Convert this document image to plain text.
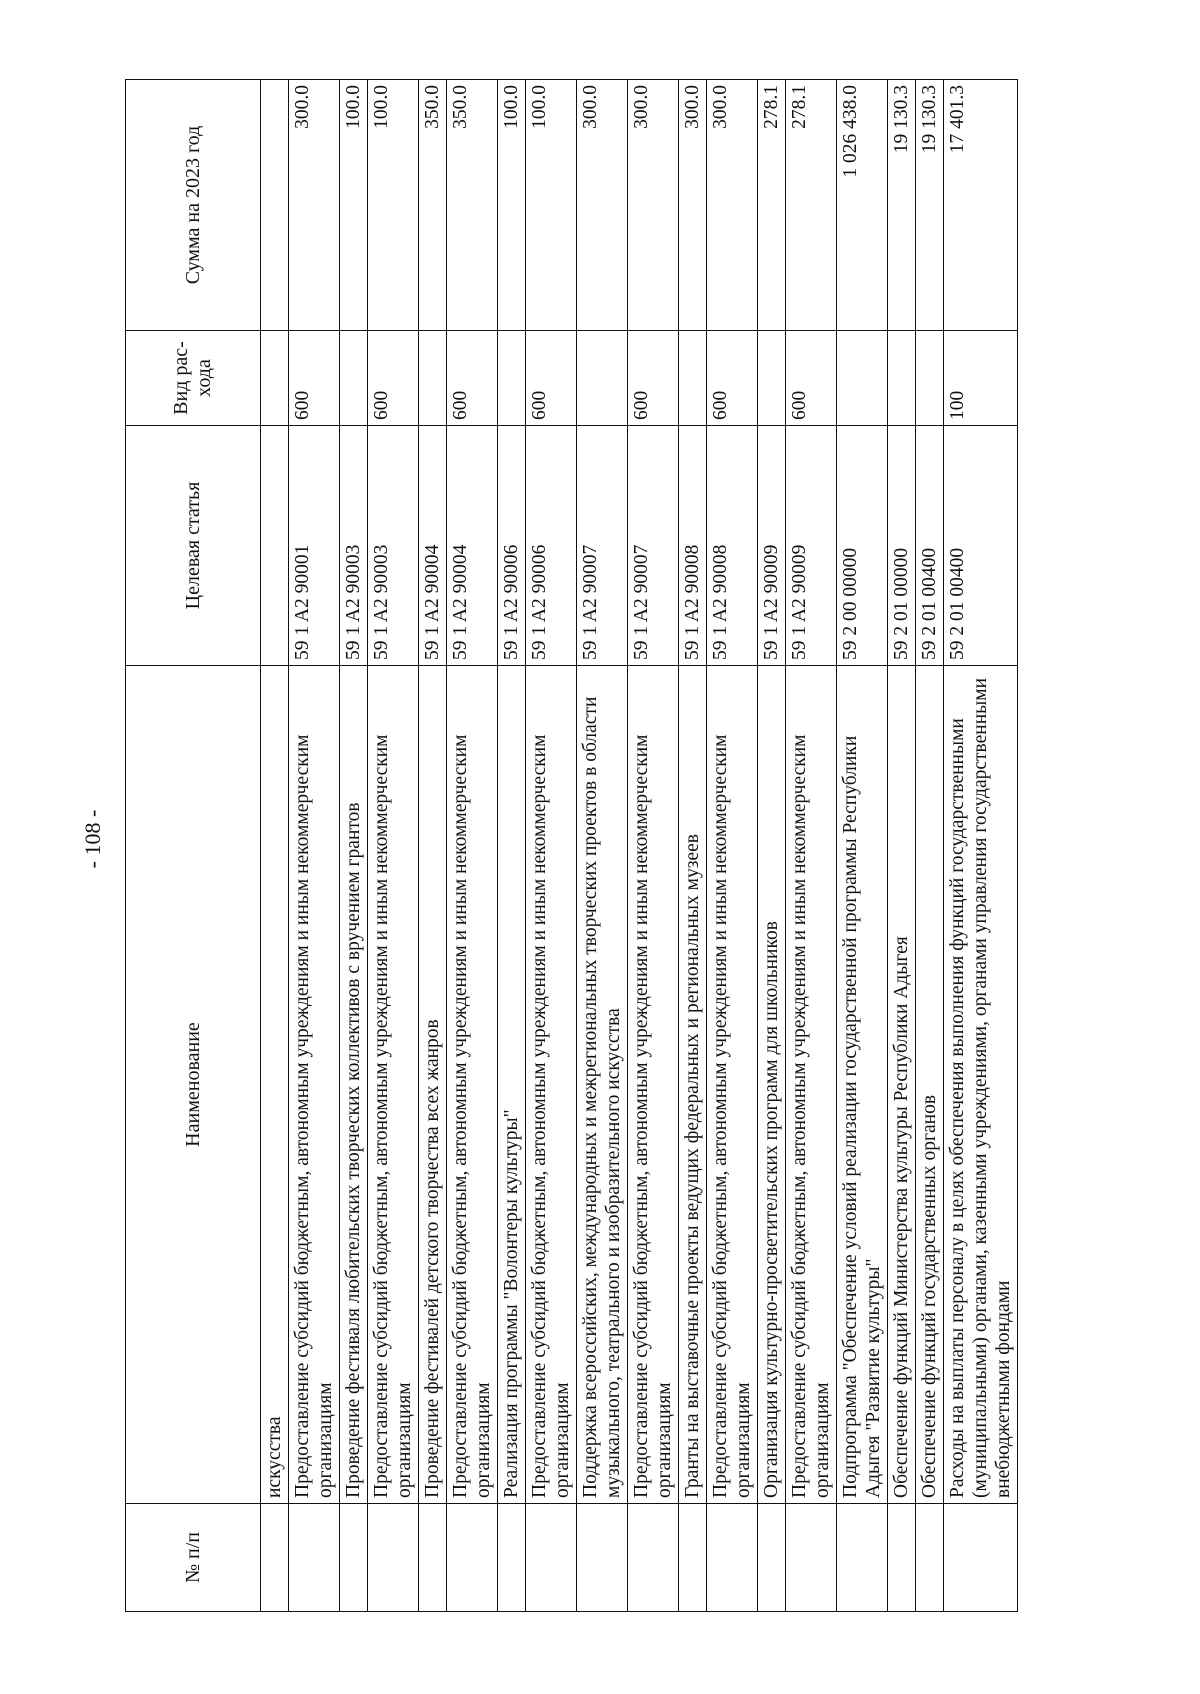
- 108 -
№ п/п	Наименование	Целевая статья	Вид рас-хода	Сумма на 2023 год
	искусства			
	Предоставление субсидий бюджетным, автономным учреждениям и иным некоммерческим организациям	59 1 A2 90001	600	300.0
	Проведение фестиваля любительских творческих коллективов с вручением грантов	59 1 A2 90003		100.0
	Предоставление субсидий бюджетным, автономным учреждениям и иным некоммерческим организациям	59 1 A2 90003	600	100.0
	Проведение фестивалей детского творчества всех жанров	59 1 A2 90004		350.0
	Предоставление субсидий бюджетным, автономным учреждениям и иным некоммерческим организациям	59 1 A2 90004	600	350.0
	Реализация программы "Волонтеры культуры"	59 1 A2 90006		100.0
	Предоставление субсидий бюджетным, автономным учреждениям и иным некоммерческим организациям	59 1 A2 90006	600	100.0
	Поддержка всероссийских, международных и межрегиональных творческих проектов в области музыкального, театрального и изобразительного искусства	59 1 A2 90007		300.0
	Предоставление субсидий бюджетным, автономным учреждениям и иным некоммерческим организациям	59 1 A2 90007	600	300.0
	Гранты на выставочные проекты ведущих федеральных и региональных музеев	59 1 A2 90008		300.0
	Предоставление субсидий бюджетным, автономным учреждениям и иным некоммерческим организациям	59 1 A2 90008	600	300.0
	Организация культурно-просветительских программ для школьников	59 1 A2 90009		278.1
	Предоставление субсидий бюджетным, автономным учреждениям и иным некоммерческим организациям	59 1 A2 90009	600	278.1
	Подпрограмма "Обеспечение условий реализации государственной программы Республики Адыгея "Развитие культуры"	59 2 00 00000		1 026 438.0
	Обеспечение функций Министерства культуры Республики Адыгея	59 2 01 00000		19 130.3
	Обеспечение функций государственных органов	59 2 01 00400		19 130.3
	Расходы на выплаты персоналу в целях обеспечения выполнения функций государственными (муниципальными) органами, казенными учреждениями, органами управления государственными внебюджетными фондами	59 2 01 00400	100	17 401.3
